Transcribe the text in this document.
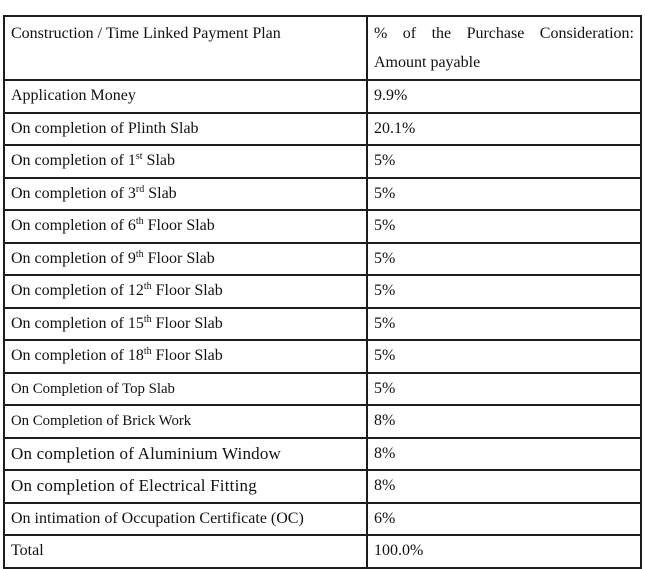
Construction / Time Linked Payment Plan	% of the Purchase Consideration:
Amount payable

Application Money	9.9%
On completion of Plinth Slab	20.1%
On completion of 1st Slab	5%
On completion of 3rd Slab	5%
On completion of 6th Floor Slab	5%
On completion of 9th Floor Slab	5%
On completion of 12th Floor Slab	5%
On completion of 15th Floor Slab	5%
On completion of 18th Floor Slab	5%
On Completion of Top Slab	5%
On Completion of Brick Work	8%
On completion of Aluminium Window	8%
On completion of Electrical Fitting	8%
On intimation of Occupation Certificate (OC)	6%
Total	100.0%
